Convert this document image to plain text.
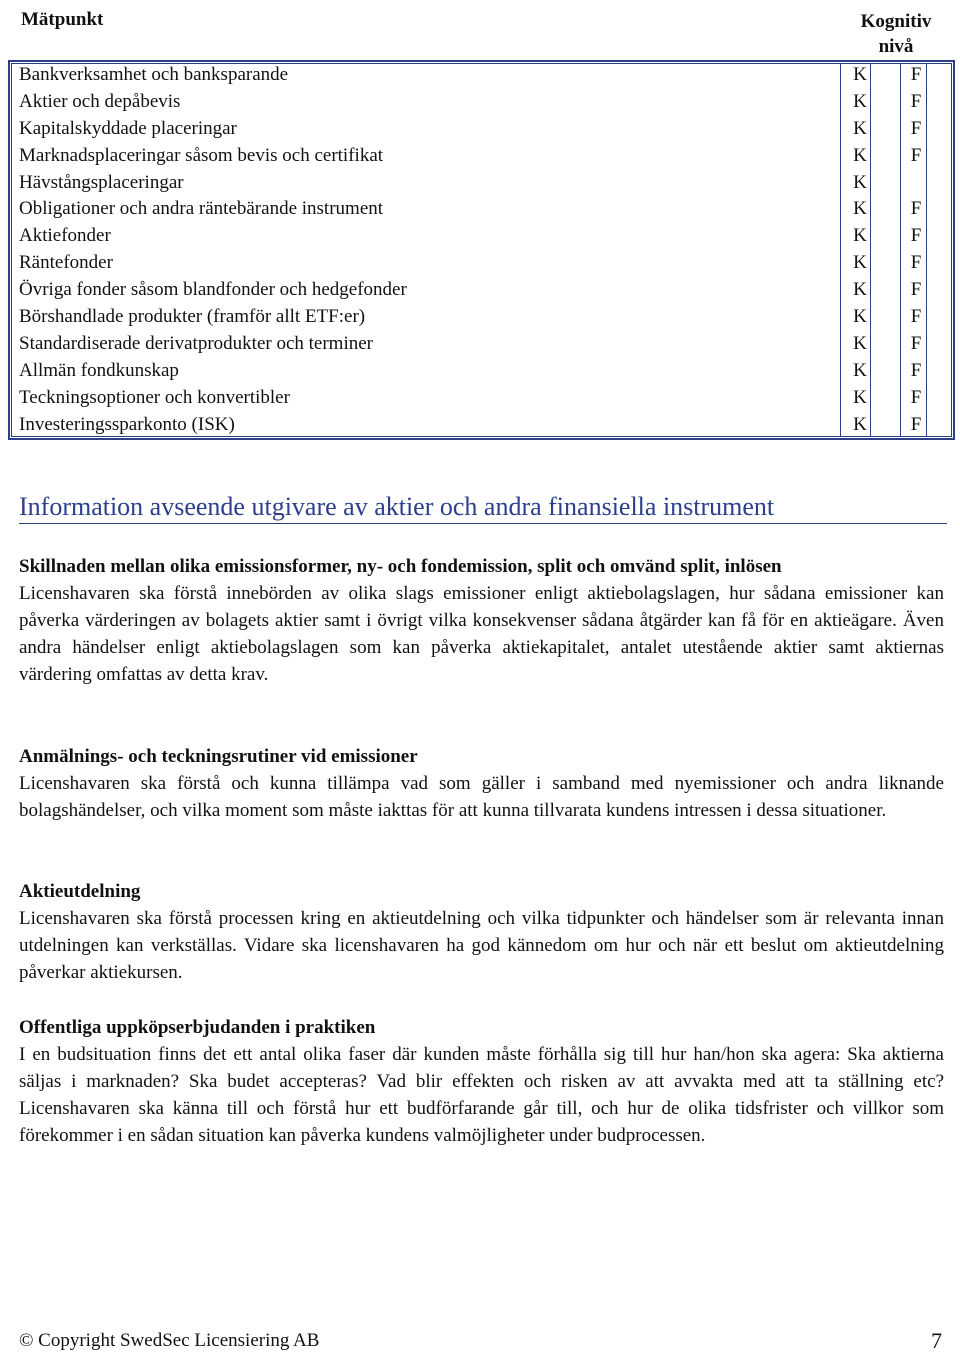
Mätpunkt	Kognitiv
nivå
Bankverksamhet och banksparande	K F
Aktier och depåbevis	K F
Kapitalskyddade placeringar	K F
Marknadsplaceringar såsom bevis och certifikat	K F
Hävstångsplaceringar	K
Obligationer och andra räntebärande instrument	K F
Aktiefonder	K F
Räntefonder	K F
Övriga fonder såsom blandfonder och hedgefonder	K F
Börshandlade produkter (framför allt ETF:er)	K F
Standardiserade derivatprodukter och terminer	K F
Allmän fondkunskap	K F
Teckningsoptioner och konvertibler	K F
Investeringssparkonto (ISK)	K F
Information avseende utgivare av aktier och andra finansiella instrument
Skillnaden mellan olika emissionsformer, ny- och fondemission, split och omvänd split, inlösen

Licenshavaren ska förstå innebörden av olika slags emissioner enligt aktiebolagslagen, hur sådana emissioner kan påverka värderingen av bolagets aktier samt i övrigt vilka konsekvenser sådana åtgärder kan få för en aktieägare. Även andra händelser enligt aktiebolagslagen som kan påverka aktiekapitalet, antalet utestående aktier samt aktiernas värdering omfattas av detta krav.

Anmälnings- och teckningsrutiner vid emissioner

Licenshavaren ska förstå och kunna tillämpa vad som gäller i samband med nyemissioner och andra liknande bolagshändelser, och vilka moment som måste iakttas för att kunna tillvarata kundens intressen i dessa situationer.

Aktieutdelning

Licenshavaren ska förstå processen kring en aktieutdelning och vilka tidpunkter och händelser som är relevanta innan utdelningen kan verkställas. Vidare ska licenshavaren ha god kännedom om hur och när ett beslut om aktieutdelning påverkar aktiekursen.

Offentliga uppköpserbjudanden i praktiken

I en budsituation finns det ett antal olika faser där kunden måste förhålla sig till hur han/hon ska agera: Ska aktierna säljas i marknaden? Ska budet accepteras? Vad blir effekten och risken av att avvakta med att ta ställning etc? Licenshavaren ska känna till och förstå hur ett budförfarande går till, och hur de olika tidsfrister och villkor som förekommer i en sådan situation kan påverka kundens valmöjligheter under budprocessen.

© Copyright SwedSec Licensiering AB	7
